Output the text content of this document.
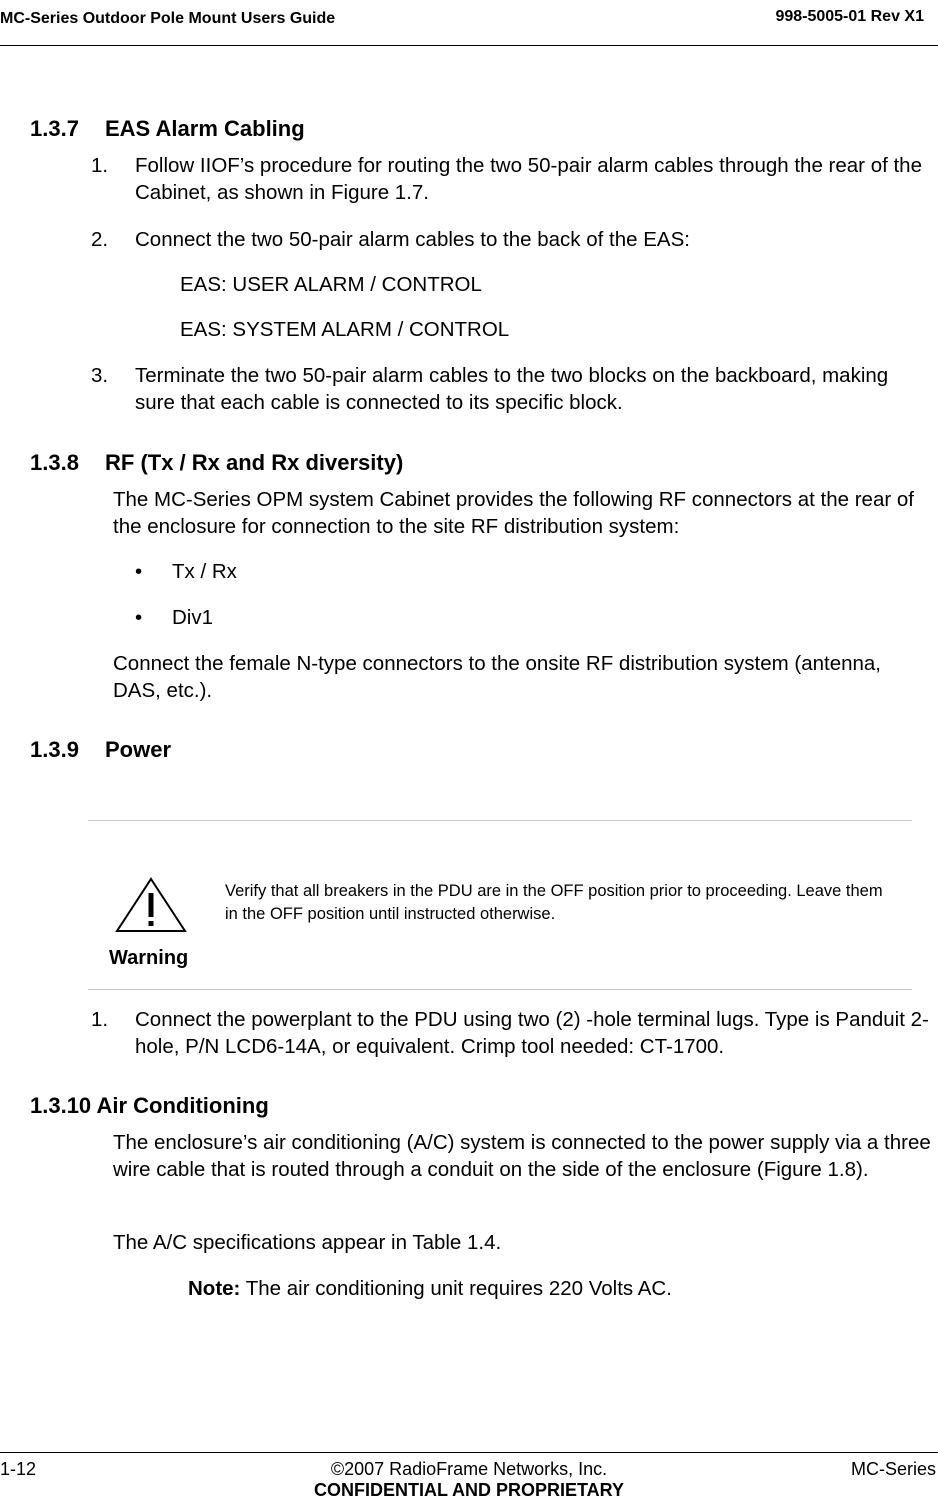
MC-Series Outdoor Pole Mount Users Guide	998-5005-01 Rev X1
1.3.7 EAS Alarm Cabling
1. Follow IIOF’s procedure for routing the two 50-pair alarm cables through the rear of the Cabinet, as shown in Figure 1.7.
2. Connect the two 50-pair alarm cables to the back of the EAS:
EAS: USER ALARM / CONTROL
EAS: SYSTEM ALARM / CONTROL
3. Terminate the two 50-pair alarm cables to the two blocks on the backboard, making sure that each cable is connected to its specific block.
1.3.8 RF (Tx / Rx and Rx diversity)
The MC-Series OPM system Cabinet provides the following RF connectors at the rear of the enclosure for connection to the site RF distribution system:
• Tx / Rx
• Div1
Connect the female N-type connectors to the onsite RF distribution system (antenna, DAS, etc.).
1.3.9 Power
Warning
Verify that all breakers in the PDU are in the OFF position prior to proceeding. Leave them in the OFF position until instructed otherwise.
1. Connect the powerplant to the PDU using two (2) -hole terminal lugs. Type is Panduit 2-hole, P/N LCD6-14A, or equivalent. Crimp tool needed: CT-1700.
1.3.10 Air Conditioning
The enclosure’s air conditioning (A/C) system is connected to the power supply via a three wire cable that is routed through a conduit on the side of the enclosure (Figure 1.8).
The A/C specifications appear in Table 1.4.
Note: The air conditioning unit requires 220 Volts AC.
1-12	©2007 RadioFrame Networks, Inc.
CONFIDENTIAL AND PROPRIETARY
MC-Series
